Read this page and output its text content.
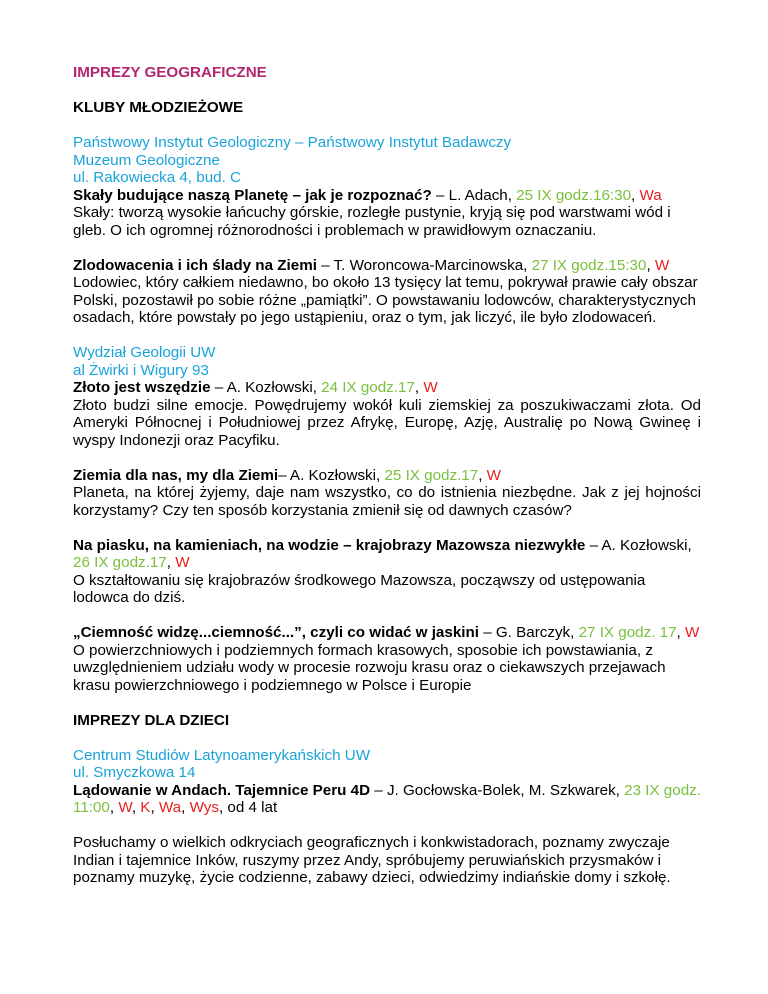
IMPREZY GEOGRAFICZNE

KLUBY MŁODZIEŻOWE

Państwowy Instytut Geologiczny – Państwowy Instytut Badawczy

Muzeum Geologiczne

ul. Rakowiecka 4, bud. C

Skały budujące naszą Planetę – jak je rozpoznać? – L. Adach, 25 IX godz.16:30, Wa

Skały: tworzą wysokie łańcuchy górskie, rozległe pustynie, kryją się pod warstwami wód i gleb. O ich ogromnej różnorodności i problemach w prawidłowym oznaczaniu.

Zlodowacenia i ich ślady na Ziemi – T. Woroncowa-Marcinowska, 27 IX godz.15:30, W

Lodowiec, który całkiem niedawno, bo około 13 tysięcy lat temu, pokrywał prawie cały obszar Polski, pozostawił po sobie różne „pamiątki”. O powstawaniu lodowców, charakterystycznych osadach, które powstały po jego ustąpieniu, oraz o tym, jak liczyć, ile było zlodowaceń.

Wydział Geologii UW

al Żwirki i Wigury 93

Złoto jest wszędzie – A. Kozłowski, 24 IX godz.17, W

Złoto budzi silne emocje. Powędrujemy wokół kuli ziemskiej za poszukiwaczami złota. Od Ameryki Północnej i Południowej przez Afrykę, Europę, Azję, Australię po Nową Gwineę i wyspy Indonezji oraz Pacyfiku.

Ziemia dla nas, my dla Ziemi– A. Kozłowski, 25 IX godz.17, W

Planeta, na której żyjemy, daje nam wszystko, co do istnienia niezbędne. Jak z jej hojności korzystamy? Czy ten sposób korzystania zmienił się od dawnych czasów?

Na piasku, na kamieniach, na wodzie – krajobrazy Mazowsza niezwykłe – A. Kozłowski, 26 IX godz.17, W

O kształtowaniu się krajobrazów środkowego Mazowsza, począwszy od ustępowania lodowca do dziś.

„Ciemność widzę...ciemność...”, czyli co widać w jaskini – G. Barczyk, 27 IX godz. 17, W

O powierzchniowych i podziemnych formach krasowych, sposobie ich powstawiania, z uwzględnieniem udziału wody w procesie rozwoju krasu oraz o ciekawszych przejawach krasu powierzchniowego i podziemnego w Polsce i Europie

IMPREZY DLA DZIECI

Centrum Studiów Latynoamerykańskich UW

ul. Smyczkowa 14

Lądowanie w Andach. Tajemnice Peru 4D – J. Gocłowska-Bolek, M. Szkwarek, 23 IX godz. 11:00, W, K, Wa, Wys, od 4 lat

Posłuchamy o wielkich odkryciach geograficznych i konkwistadorach, poznamy zwyczaje Indian i tajemnice Inków, ruszymy przez Andy, spróbujemy peruwiańskich przysmaków i poznamy muzykę, życie codzienne, zabawy dzieci, odwiedzimy indiańskie domy i szkołę.
